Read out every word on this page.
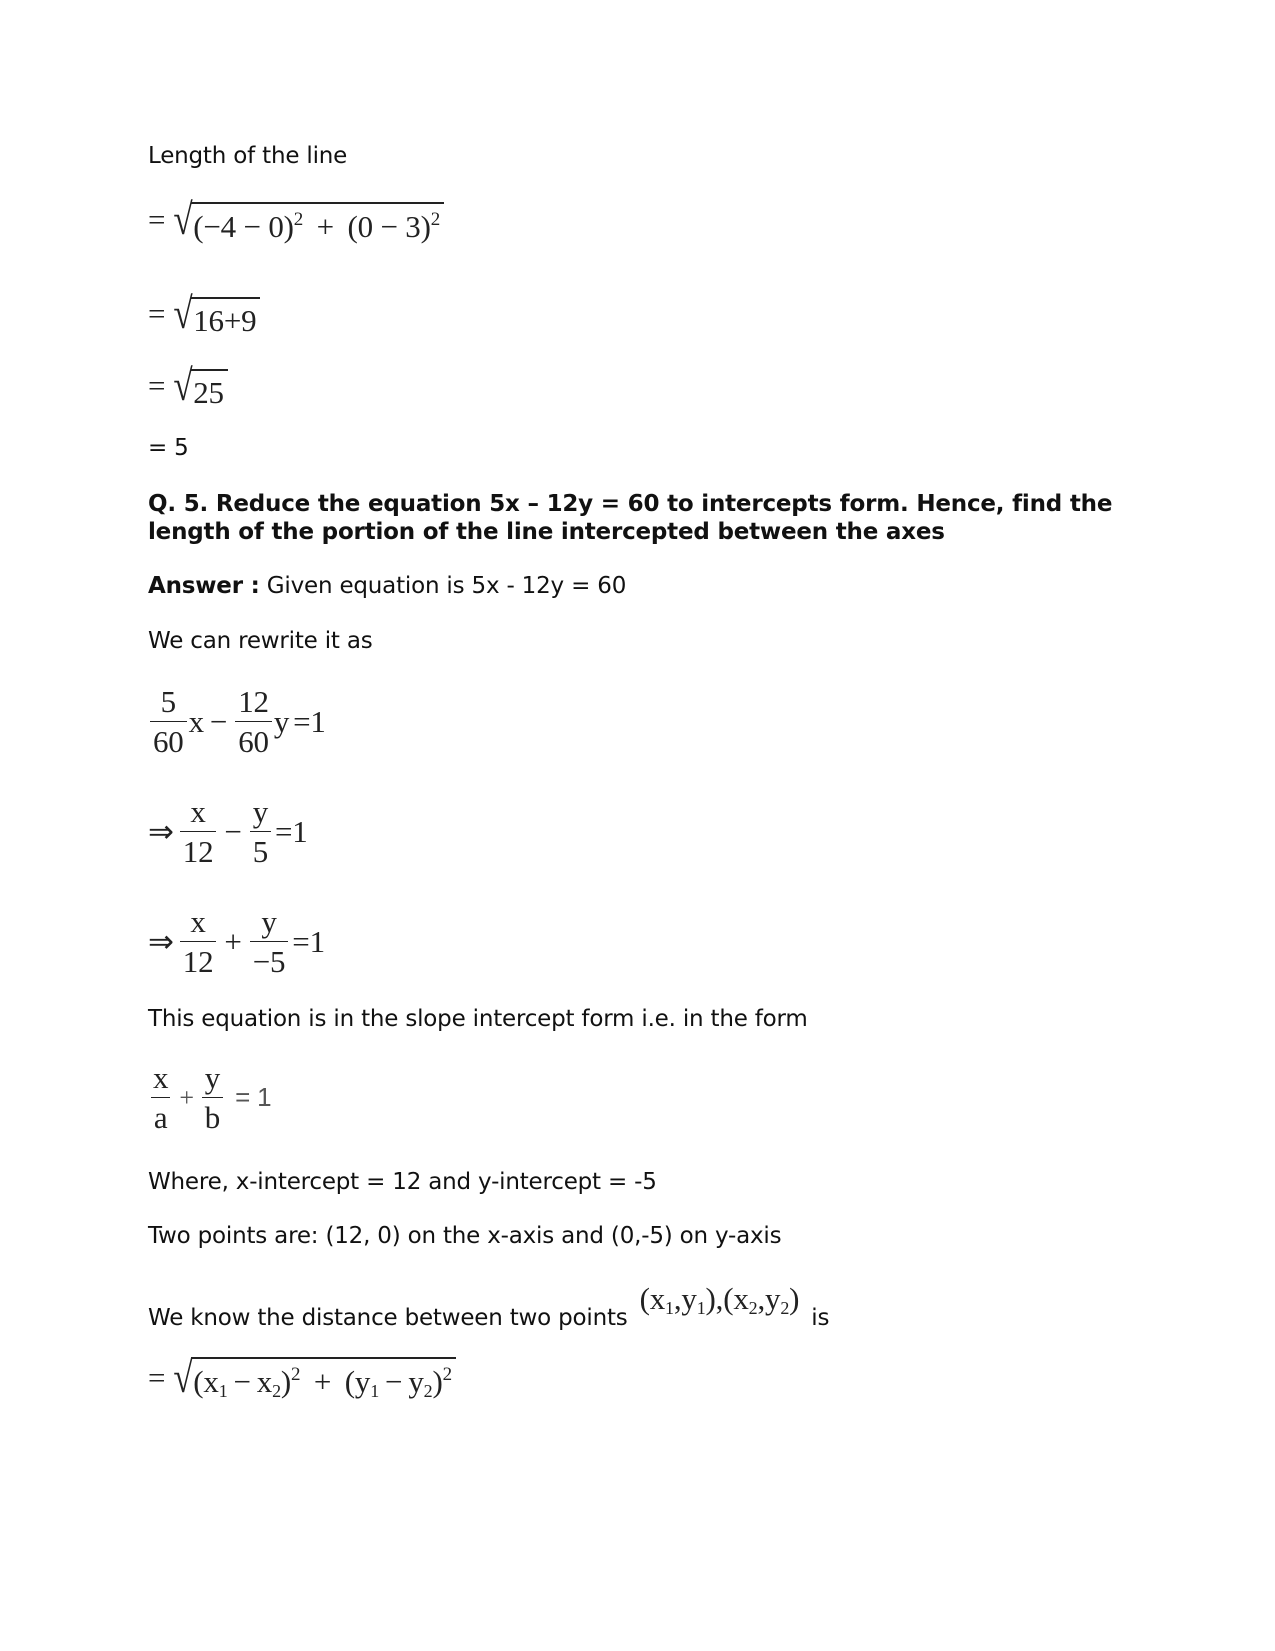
Length of the line
= √ $(-4 - 0)^2 + (0 - 3)^2$
= √ 16+9
= √ 25
= 5
Q. 5. Reduce the equation 5x – 12y = 60 to intercepts form. Hence, find the length of the portion of the line intercepted between the axes
Answer : Given equation is 5x - 12y = 60
We can rewrite it as
$\frac{5}{60}$ $x - \frac{12}{60}$ y =1
⇒ $\frac{x}{12} - \frac{y}{5} =1$
⇒ $\frac{x}{12} + \frac{y}{-5} =1$
This equation is in the slope intercept form i.e. in the form
$\frac{x}{a} + \frac{y}{b} = 1$
Where, x-intercept = 12 and y-intercept = -5
Two points are: (12, 0) on the x-axis and (0,-5) on y-axis
We know the distance between two points
$(x_1,y_1),(x_2,y_2)$
is
= √ $(x_1 - x_2)^2 + (y_1 - y_2)^2$
